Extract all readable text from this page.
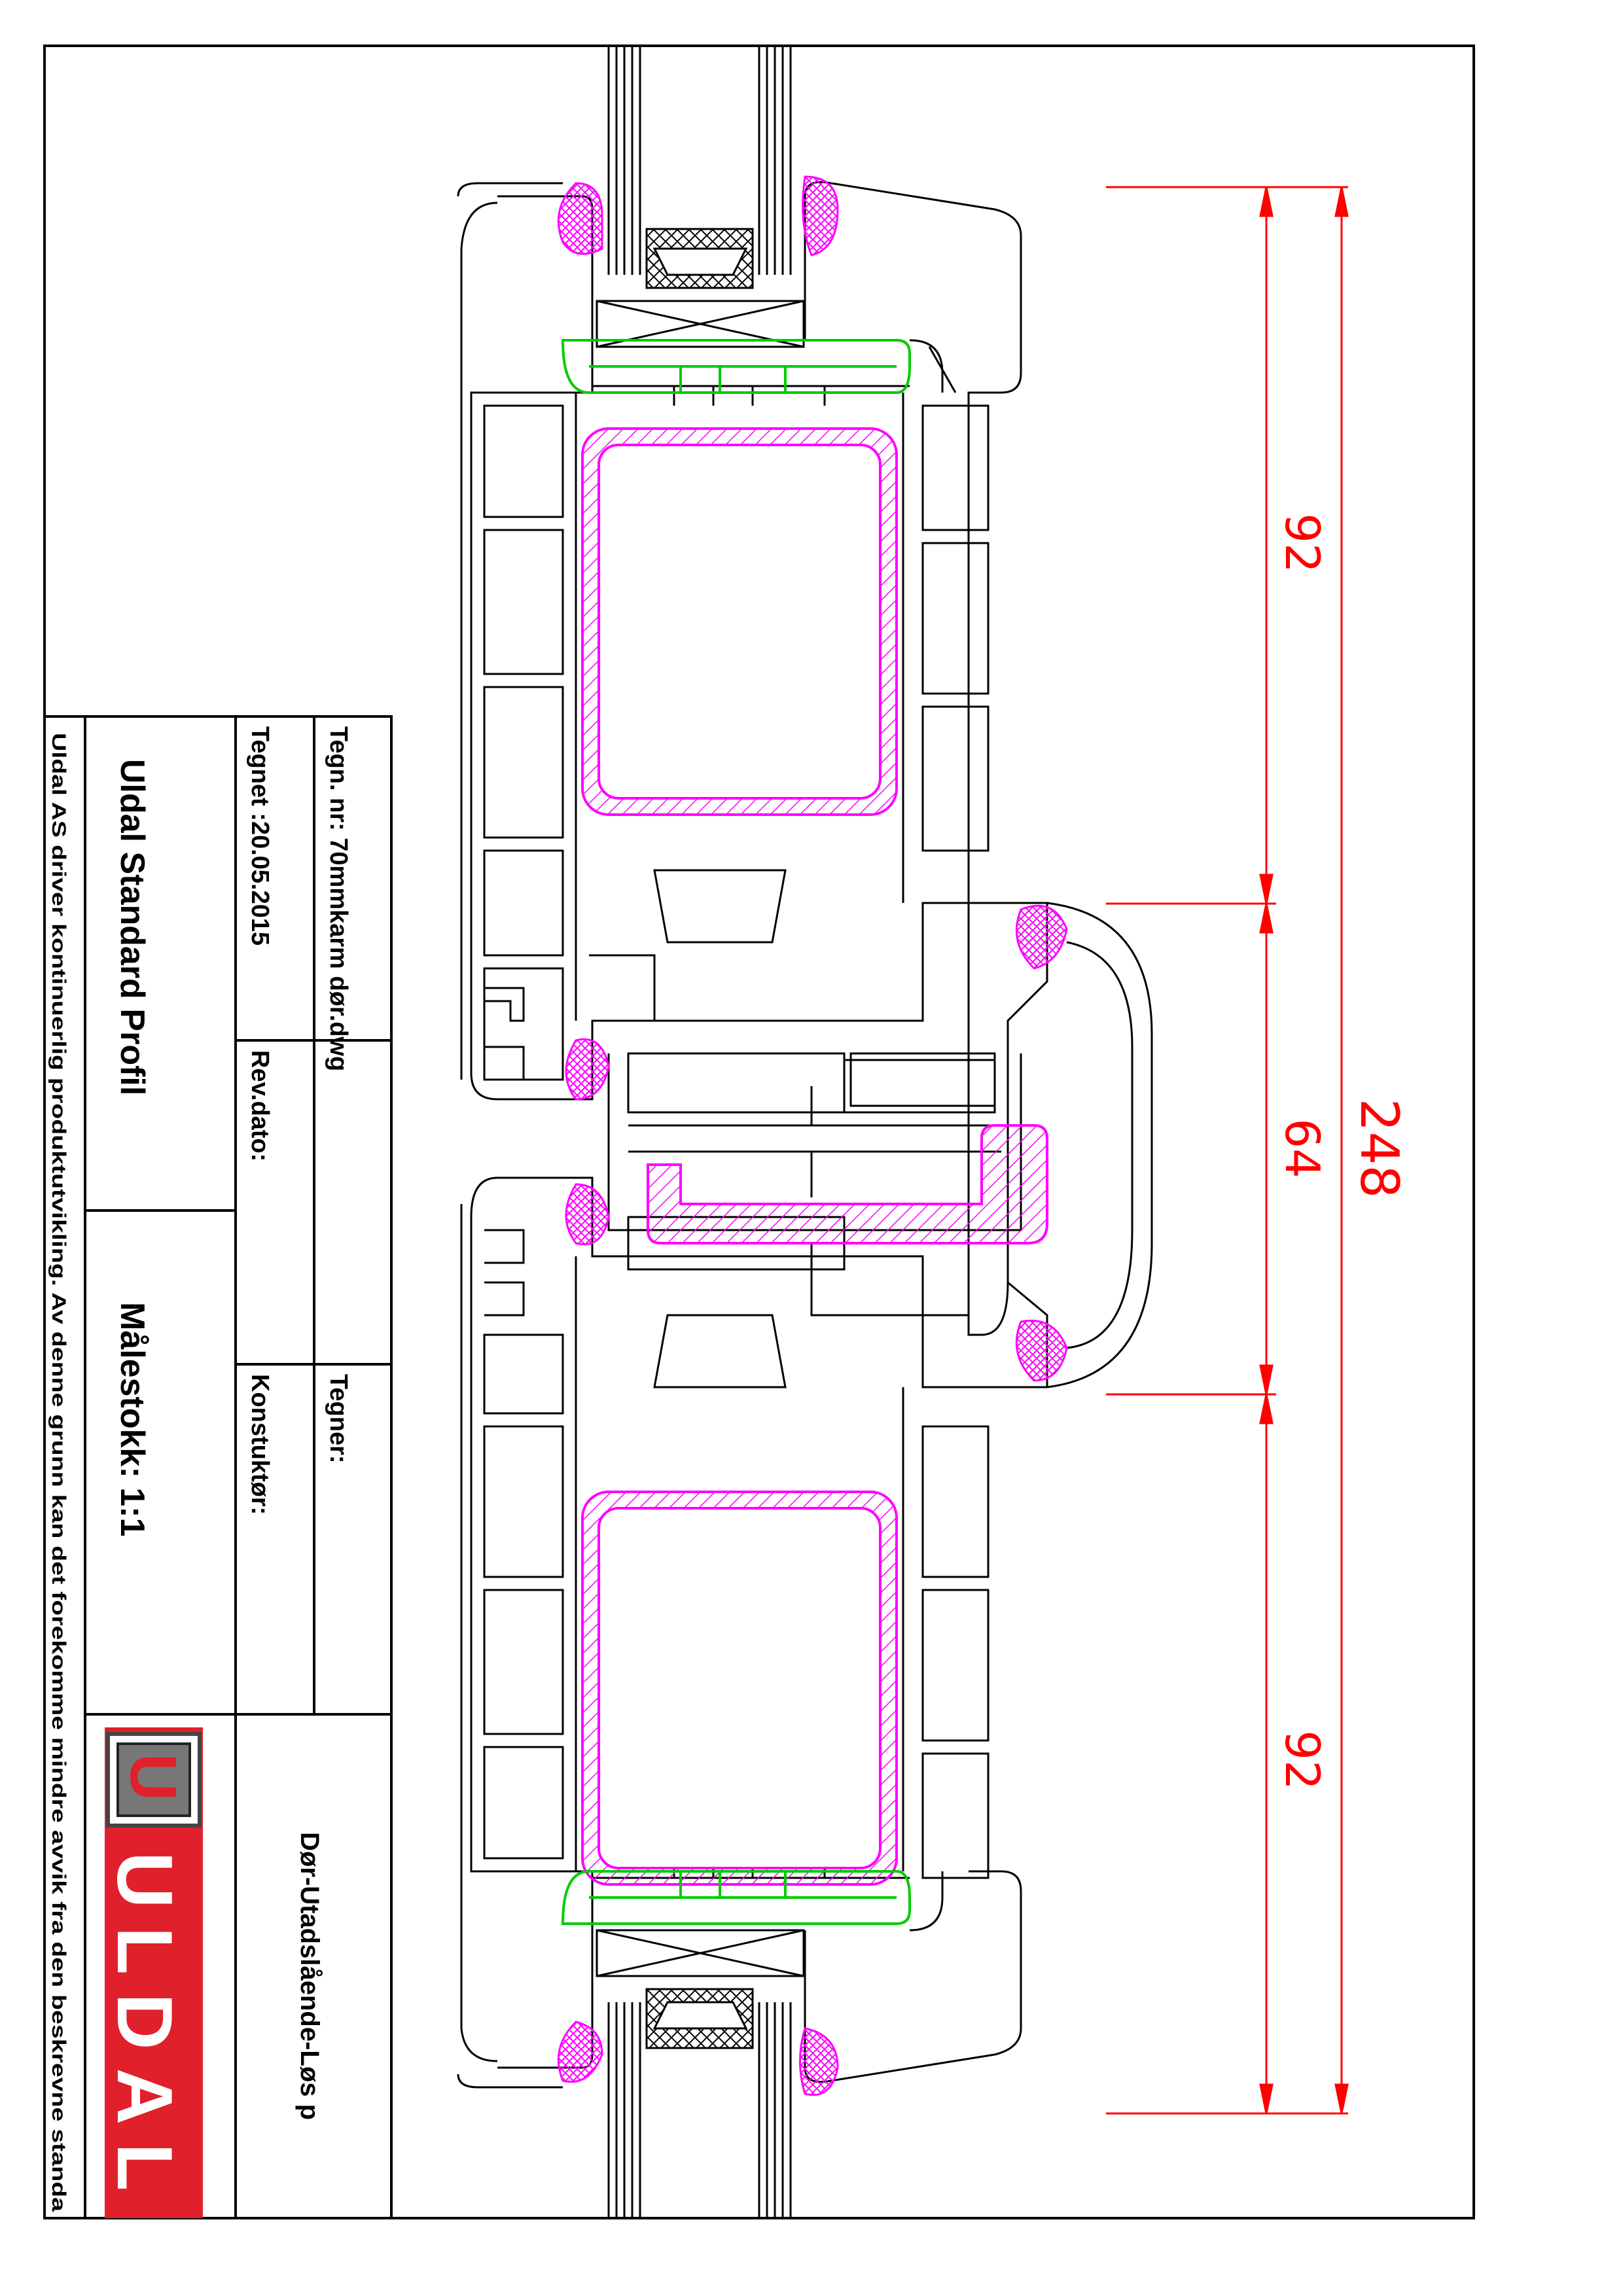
92
64
92
248
Tegn. nr: 70mmkarm dør.dwg
Tegnet :20.05.2015
Rev.dato:
Tegner:
Konstuktør:
Uldal Standard Profil
Målestokk: 1:1
Dør-Utadslående-Løs p
Uldal AS driver kontinuerlig produktutvikling. Av denne grunn kan det forekomme mindre avvik fra den beskrevne standa
ULDAL
U
